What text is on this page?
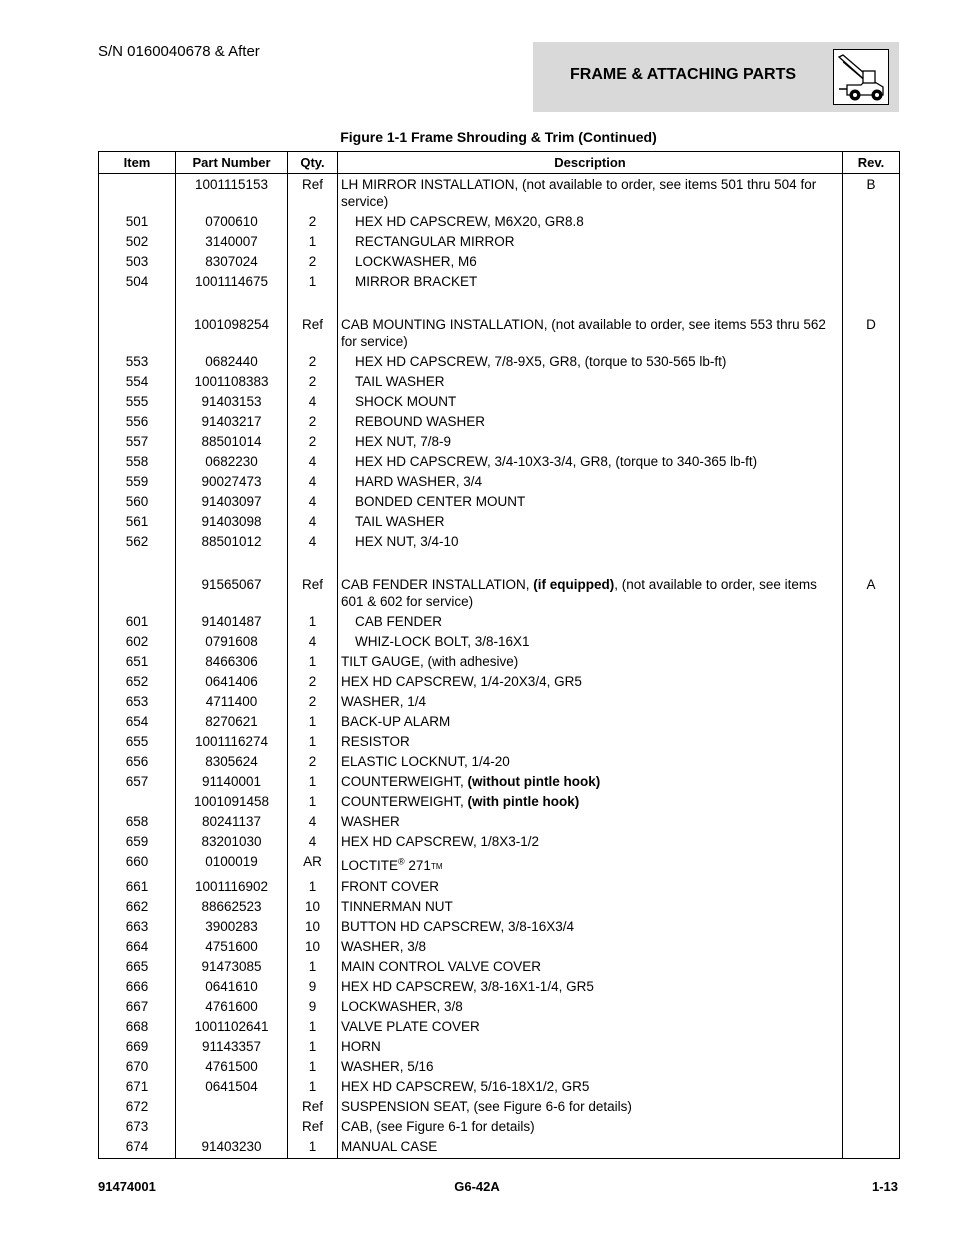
S/N 0160040678 & After
FRAME & ATTACHING PARTS
Figure 1-1 Frame Shrouding & Trim (Continued)
Item	Part Number	Qty.	Description	Rev.
	1001115153	Ref	LH MIRROR INSTALLATION, (not available to order, see items 501 thru 504 for service)	B
501	0700610	2	HEX HD CAPSCREW, M6X20, GR8.8	
502	3140007	1	RECTANGULAR MIRROR	
503	8307024	2	LOCKWASHER, M6	
504	1001114675	1	MIRROR BRACKET	

	1001098254	Ref	CAB MOUNTING INSTALLATION, (not available to order, see items 553 thru 562 for service)	D
553	0682440	2	HEX HD CAPSCREW, 7/8-9X5, GR8, (torque to 530-565 lb-ft)	
554	1001108383	2	TAIL WASHER	
555	91403153	4	SHOCK MOUNT	
556	91403217	2	REBOUND WASHER	
557	88501014	2	HEX NUT, 7/8-9	
558	0682230	4	HEX HD CAPSCREW, 3/4-10X3-3/4, GR8, (torque to 340-365 lb-ft)	
559	90027473	4	HARD WASHER, 3/4	
560	91403097	4	BONDED CENTER MOUNT	
561	91403098	4	TAIL WASHER	
562	88501012	4	HEX NUT, 3/4-10	

	91565067	Ref	CAB FENDER INSTALLATION, (if equipped), (not available to order, see items 601 & 602 for service)	A
601	91401487	1	CAB FENDER	
602	0791608	4	WHIZ-LOCK BOLT, 3/8-16X1	
651	8466306	1	TILT GAUGE, (with adhesive)	
652	0641406	2	HEX HD CAPSCREW, 1/4-20X3/4, GR5	
653	4711400	2	WASHER, 1/4	
654	8270621	1	BACK-UP ALARM	
655	1001116274	1	RESISTOR	
656	8305624	2	ELASTIC LOCKNUT, 1/4-20	
657	91140001	1	COUNTERWEIGHT, (without pintle hook)	
	1001091458	1	COUNTERWEIGHT, (with pintle hook)	
658	80241137	4	WASHER	
659	83201030	4	HEX HD CAPSCREW, 1/8X3-1/2	
660	0100019	AR	LOCTITE® 271TM	
661	1001116902	1	FRONT COVER	
662	88662523	10	TINNERMAN NUT	
663	3900283	10	BUTTON HD CAPSCREW, 3/8-16X3/4	
664	4751600	10	WASHER, 3/8	
665	91473085	1	MAIN CONTROL VALVE COVER	
666	0641610	9	HEX HD CAPSCREW, 3/8-16X1-1/4, GR5	
667	4761600	9	LOCKWASHER, 3/8	
668	1001102641	1	VALVE PLATE COVER	
669	91143357	1	HORN	
670	4761500	1	WASHER, 5/16	
671	0641504	1	HEX HD CAPSCREW, 5/16-18X1/2, GR5	
672		Ref	SUSPENSION SEAT, (see Figure 6-6 for details)	
673		Ref	CAB, (see Figure 6-1 for details)	
674	91403230	1	MANUAL CASE	
91474001	G6-42A	1-13
